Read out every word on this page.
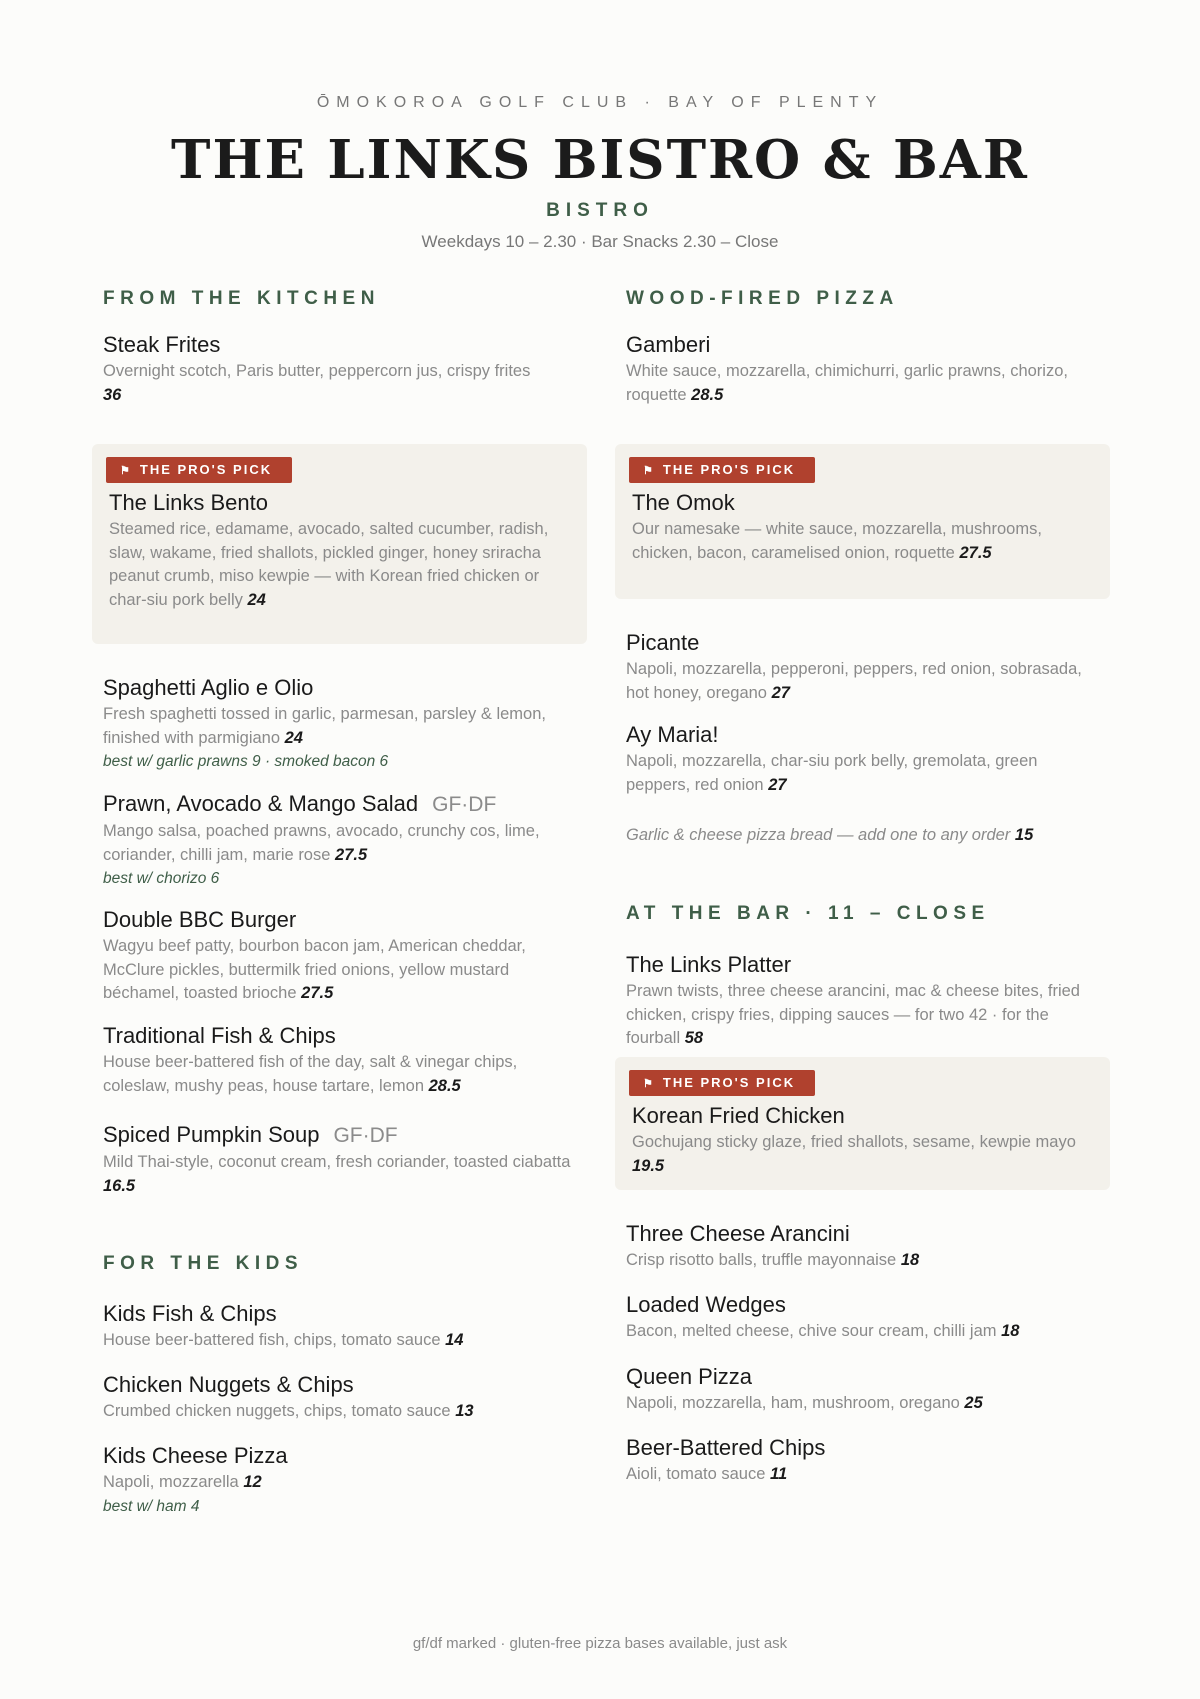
ŌMOKOROA GOLF CLUB · BAY OF PLENTY
THE LINKS BISTRO & BAR
BISTRO
Weekdays 10 – 2.30 · Bar Snacks 2.30 – Close
FROM THE KITCHEN
Steak Frites
Overnight scotch, Paris butter, peppercorn jus, crispy frites
36
⚑ THE PRO'S PICK
The Links Bento
Steamed rice, edamame, avocado, salted cucumber, radish, slaw, wakame, fried shallots, pickled ginger, honey sriracha peanut crumb, miso kewpie — with Korean fried chicken or char-siu pork belly 24
Spaghetti Aglio e Olio
Fresh spaghetti tossed in garlic, parmesan, parsley & lemon, finished with parmigiano 24
best w/ garlic prawns 9 · smoked bacon 6
Prawn, Avocado & Mango Salad GF·DF
Mango salsa, poached prawns, avocado, crunchy cos, lime, coriander, chilli jam, marie rose 27.5
best w/ chorizo 6
Double BBC Burger
Wagyu beef patty, bourbon bacon jam, American cheddar, McClure pickles, buttermilk fried onions, yellow mustard béchamel, toasted brioche 27.5
Traditional Fish & Chips
House beer-battered fish of the day, salt & vinegar chips, coleslaw, mushy peas, house tartare, lemon 28.5
Spiced Pumpkin Soup GF·DF
Mild Thai-style, coconut cream, fresh coriander, toasted ciabatta 16.5
FOR THE KIDS
Kids Fish & Chips
House beer-battered fish, chips, tomato sauce 14
Chicken Nuggets & Chips
Crumbed chicken nuggets, chips, tomato sauce 13
Kids Cheese Pizza
Napoli, mozzarella 12
best w/ ham 4
WOOD-FIRED PIZZA
Gamberi
White sauce, mozzarella, chimichurri, garlic prawns, chorizo, roquette 28.5
⚑ THE PRO'S PICK
The Omok
Our namesake — white sauce, mozzarella, mushrooms, chicken, bacon, caramelised onion, roquette 27.5
Picante
Napoli, mozzarella, pepperoni, peppers, red onion, sobrasada, hot honey, oregano 27
Ay Maria!
Napoli, mozzarella, char-siu pork belly, gremolata, green peppers, red onion 27
Garlic & cheese pizza bread — add one to any order 15
AT THE BAR · 11 – CLOSE
The Links Platter
Prawn twists, three cheese arancini, mac & cheese bites, fried chicken, crispy fries, dipping sauces — for two 42 · for the fourball 58
⚑ THE PRO'S PICK
Korean Fried Chicken
Gochujang sticky glaze, fried shallots, sesame, kewpie mayo 19.5
Three Cheese Arancini
Crisp risotto balls, truffle mayonnaise 18
Loaded Wedges
Bacon, melted cheese, chive sour cream, chilli jam 18
Queen Pizza
Napoli, mozzarella, ham, mushroom, oregano 25
Beer-Battered Chips
Aioli, tomato sauce 11
gf/df marked · gluten-free pizza bases available, just ask
